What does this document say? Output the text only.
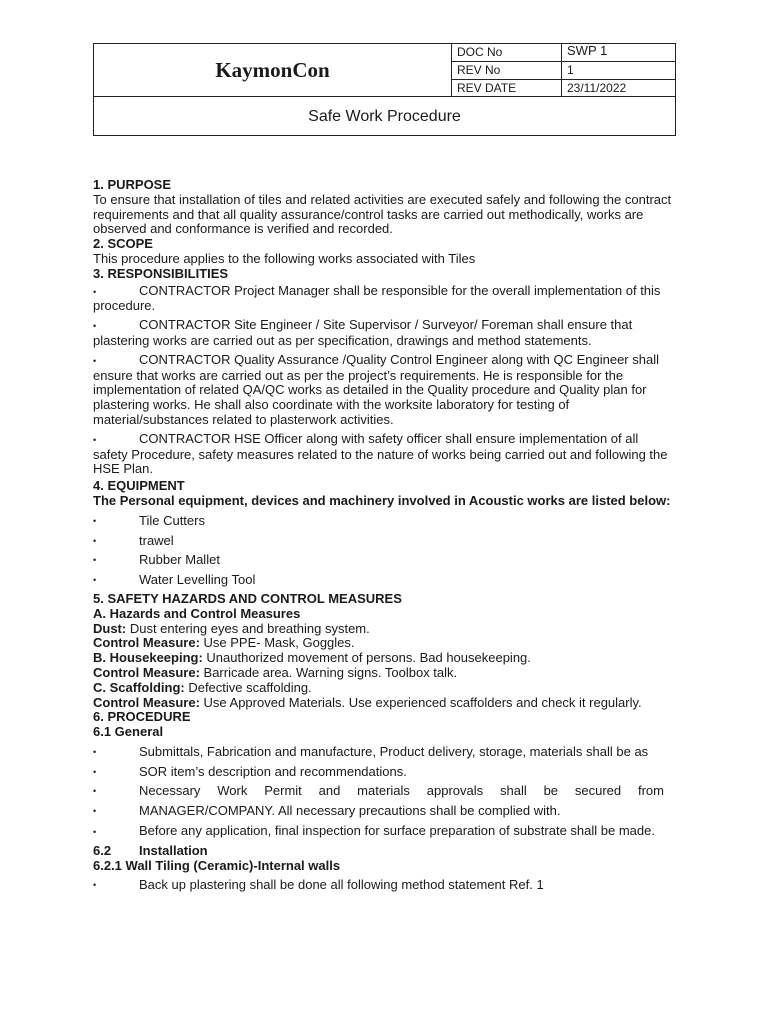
KaymonCon
DOC No	SWP 1
REV No	1
REV DATE	23/11/2022
Safe Work Procedure
1. PURPOSE

To ensure that installation of tiles and related activities are executed safely and following the contract requirements and that all quality assurance/control tasks are carried out methodically, works are observed and conformance is verified and recorded.

2. SCOPE

This procedure applies to the following works associated with Tiles

3. RESPONSIBILITIES
•	CONTRACTOR Project Manager shall be responsible for the overall implementation of this procedure.
•	CONTRACTOR Site Engineer / Site Supervisor / Surveyor/ Foreman shall ensure that plastering works are carried out as per specification, drawings and method statements.
•	CONTRACTOR Quality Assurance /Quality Control Engineer along with QC Engineer shall ensure that works are carried out as per the project’s requirements. He is responsible for the implementation of related QA/QC works as detailed in the Quality procedure and Quality plan for plastering works. He shall also coordinate with the worksite laboratory for testing of material/substances related to plasterwork activities.
•	CONTRACTOR HSE Officer along with safety officer shall ensure implementation of all safety Procedure, safety measures related to the nature of works being carried out and following the HSE Plan.
4. EQUIPMENT
The Personal equipment, devices and machinery involved in Acoustic works are listed below:
•	Tile Cutters
•	trawel
•	Rubber Mallet
•	Water Levelling Tool
5. SAFETY HAZARDS AND CONTROL MEASURES
A. Hazards and Control Measures
Dust: Dust entering eyes and breathing system.
Control Measure: Use PPE- Mask, Goggles.
B. Housekeeping: Unauthorized movement of persons. Bad housekeeping.
Control Measure: Barricade area. Warning signs. Toolbox talk.
C. Scaffolding: Defective scaffolding.
Control Measure: Use Approved Materials. Use experienced scaffolders and check it regularly.
6. PROCEDURE
6.1 General
•	Submittals, Fabrication and manufacture, Product delivery, storage, materials shall be as
•	SOR item’s description and recommendations.
•	Necessary Work Permit and materials approvals shall be secured from
•	MANAGER/COMPANY. All necessary precautions shall be complied with.
•	Before any application, final inspection for surface preparation of substrate shall be made.
6.2 Installation
6.2.1 Wall Tiling (Ceramic)-Internal walls
•	Back up plastering shall be done all following method statement Ref. 1
